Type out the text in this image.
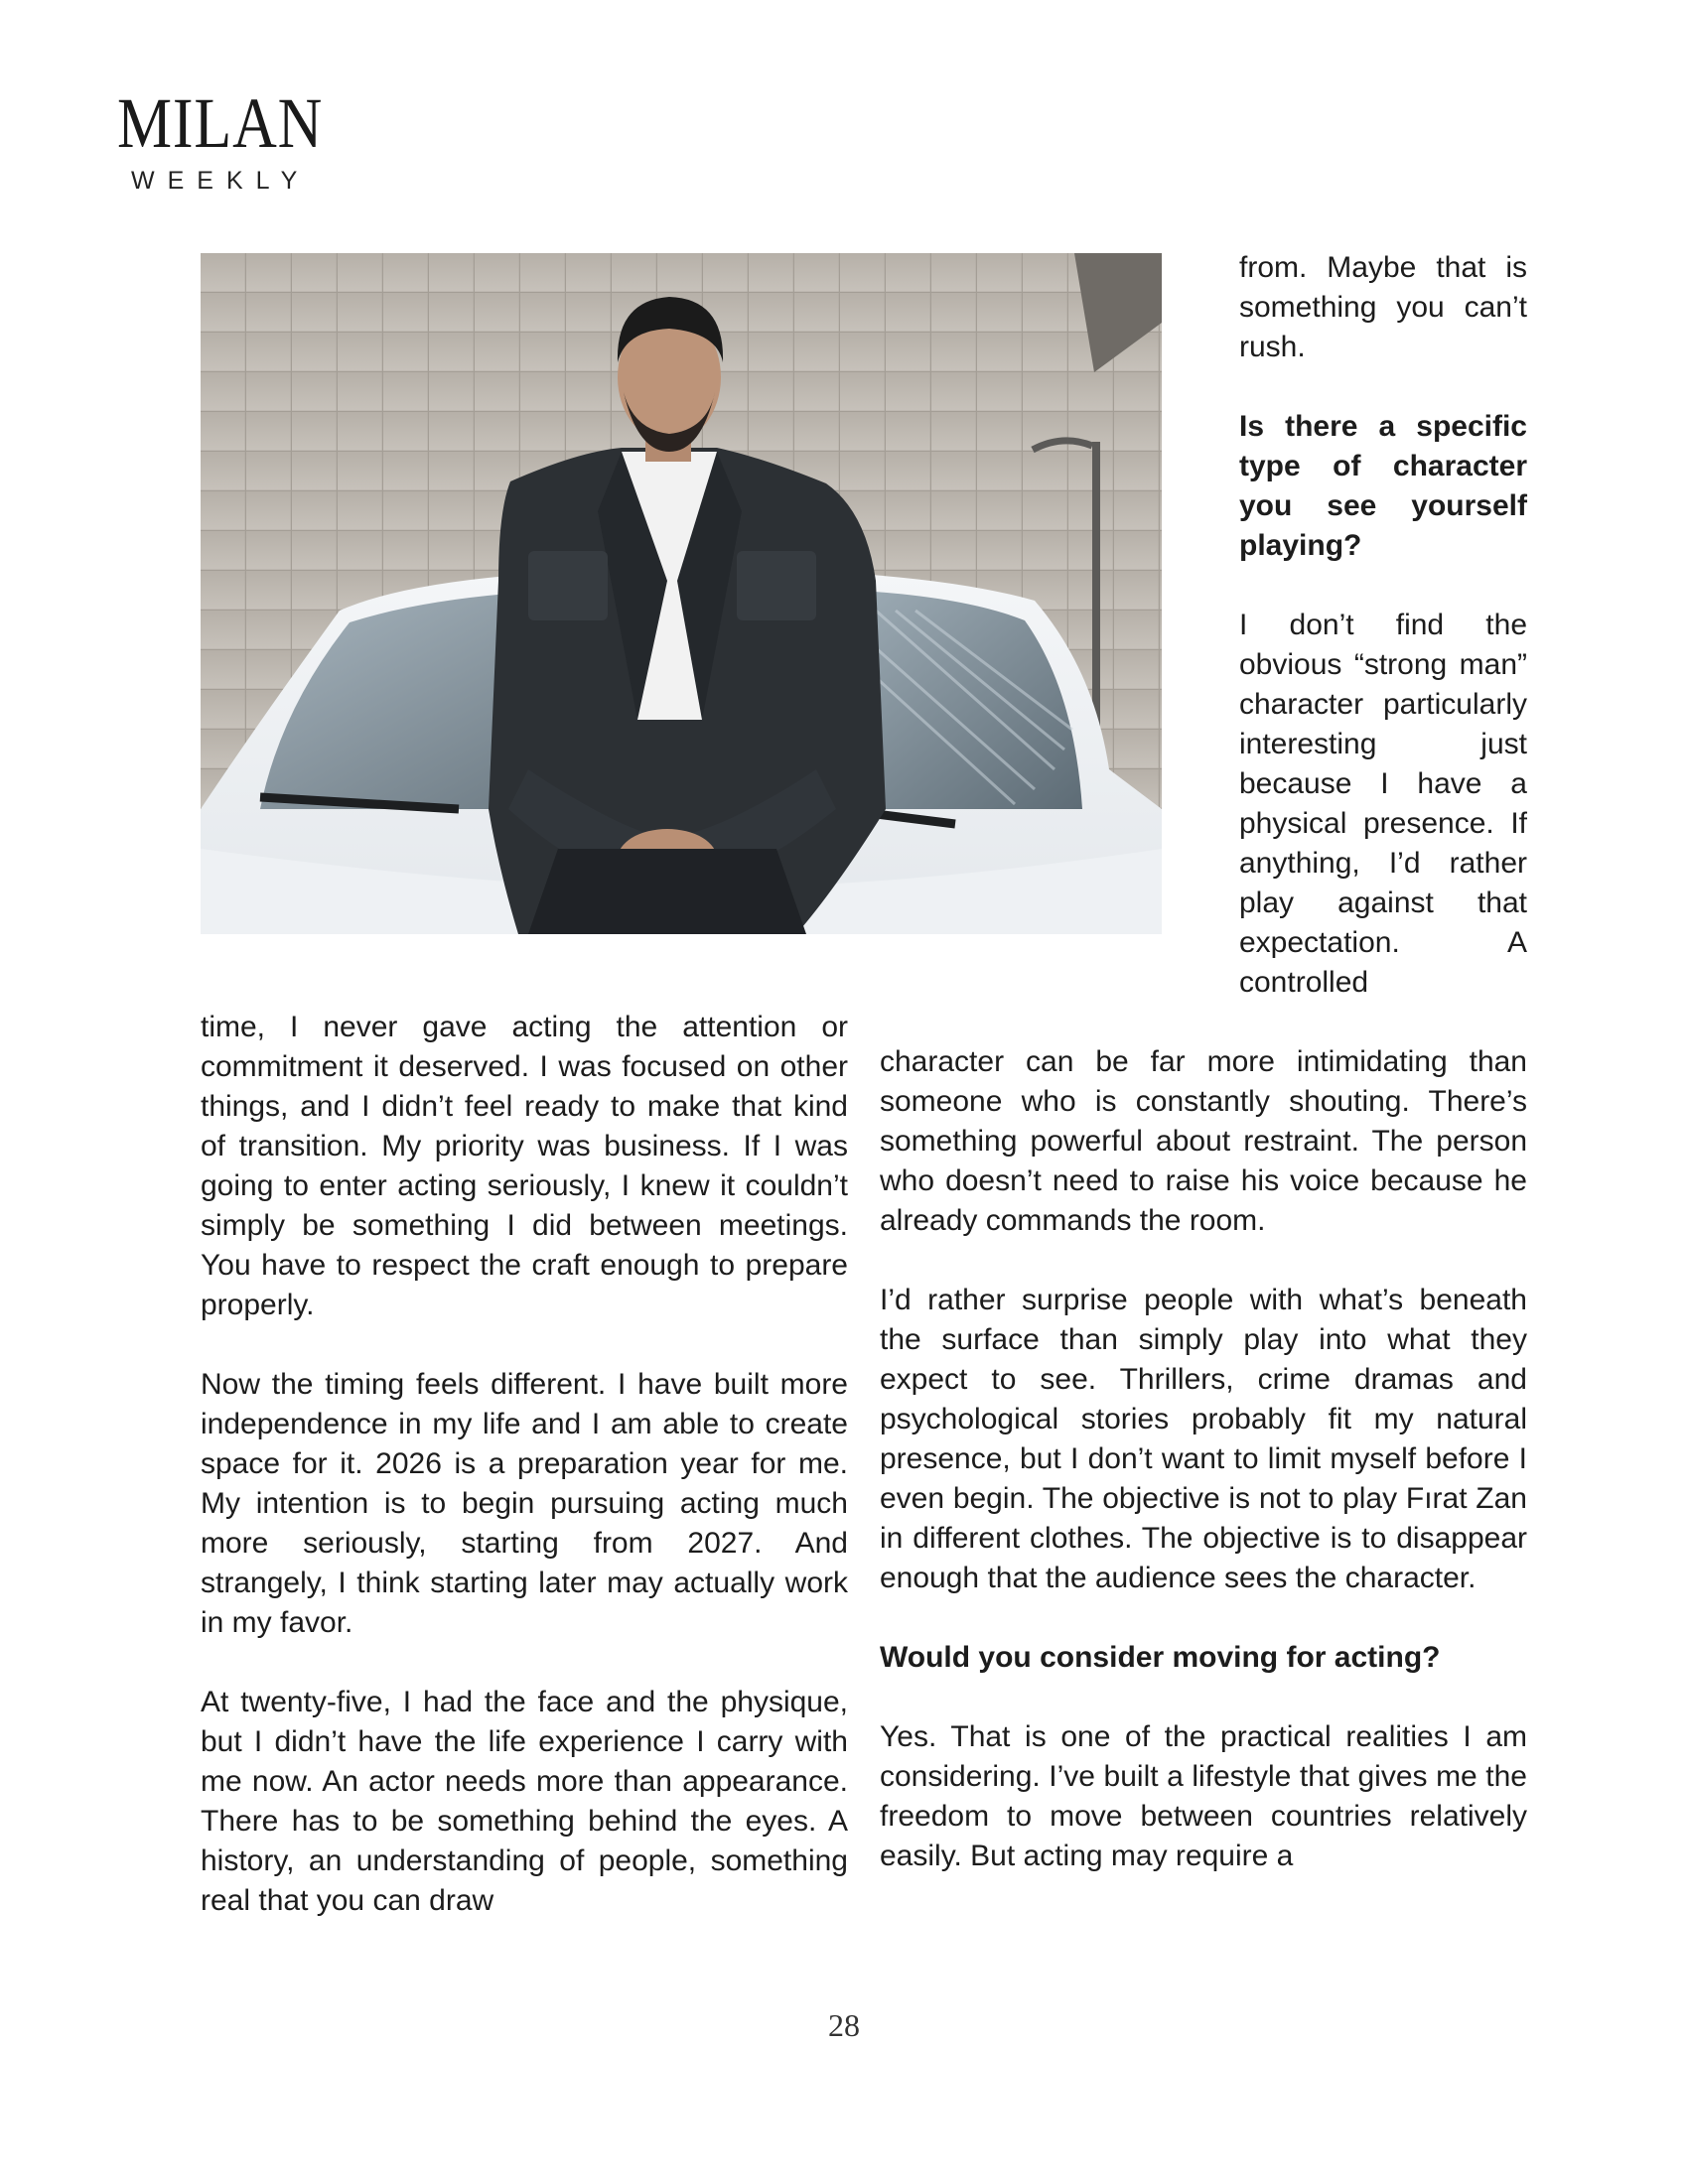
MILAN
WEEKLY

from. Maybe that is something you can’t rush.

Is there a specific type of character you see yourself playing?

I don’t find the obvious “strong man” character particularly interesting just because I have a physical presence. If anything, I’d rather play against that expectation. A controlled

time, I never gave acting the attention or commitment it deserved. I was focused on other things, and I didn’t feel ready to make that kind of transition. My priority was business. If I was going to enter acting seriously, I knew it couldn’t simply be something I did between meetings. You have to respect the craft enough to prepare properly.

Now the timing feels different. I have built more independence in my life and I am able to create space for it. 2026 is a preparation year for me. My intention is to begin pursuing acting much more seriously, starting from 2027. And strangely, I think starting later may actually work in my favor.

At twenty-five, I had the face and the physique, but I didn’t have the life experience I carry with me now. An actor needs more than appearance. There has to be something behind the eyes. A history, an understanding of people, something real that you can draw

character can be far more intimidating than someone who is constantly shouting. There’s something powerful about restraint. The person who doesn’t need to raise his voice because he already commands the room.

I’d rather surprise people with what’s beneath the surface than simply play into what they expect to see. Thrillers, crime dramas and psychological stories probably fit my natural presence, but I don’t want to limit myself before I even begin. The objective is not to play Fırat Zan in different clothes. The objective is to disappear enough that the audience sees the character.

Would you consider moving for acting?

Yes. That is one of the practical realities I am considering. I’ve built a lifestyle that gives me the freedom to move between countries relatively easily. But acting may require a

28
